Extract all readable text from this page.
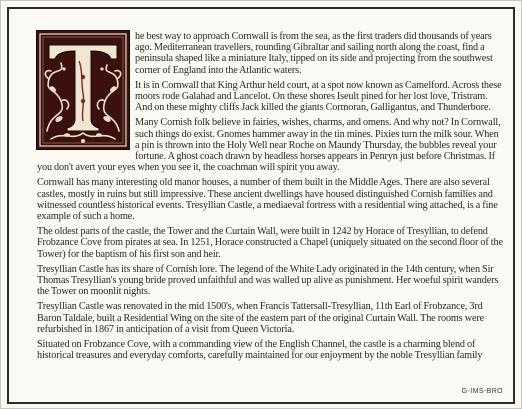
he best way to approach Cornwall is from the sea, as the first traders did thousands of years ago. Mediterranean travellers, rounding Gibraltar and sailing north along the coast, find a peninsula shaped like a miniature Italy, tipped on its side and projecting from the southwest corner of England into the Atlantic waters.

It is in Cornwall that King Arthur held court, at a spot now known as Camelford. Across these moors rode Galahad and Lancelot. On these shores Iseult pined for her lost love, Tristram. And on these mighty cliffs Jack killed the giants Cormoran, Galligantus, and Thunderbore.

Many Cornish folk believe in fairies, wishes, charms, and omens. And why not? In Cornwall, such things do exist. Gnomes hammer away in the tin mines. Pixies turn the milk sour. When a pin is thrown into the Holy Well near Roche on Maundy Thursday, the bubbles reveal your fortune. A ghost coach drawn by headless horses appears in Penryn just before Christmas. If you don't avert your eyes when you see it, the coachman will spirit you away.

Cornwall has many interesting old manor houses, a number of them built in the Middle Ages. There are also several castles, mostly in ruins but still impressive. These ancient dwellings have housed distinguished Cornish families and witnessed countless historical events. Tresyllian Castle, a mediaeval fortress with a residential wing attached, is a fine example of such a home.

The oldest parts of the castle, the Tower and the Curtain Wall, were built in 1242 by Horace of Tresyllian, to defend Frobzance Cove from pirates at sea. In 1251, Horace constructed a Chapel (uniquely situated on the second floor of the Tower) for the baptism of his first son and heir.

Tresyllian Castle has its share of Cornish lore. The legend of the White Lady originated in the 14th century, when Sir Thomas Tresyllian's young bride proved unfaithful and was walled up alive as punishment. Her woeful spirit wanders the Tower on moonlit nights.

Tresyllian Castle was renovated in the mid 1500's, when Francis Tattersall-Tresyllian, 11th Earl of Frobzance, 3rd Baron Taldale, built a Residential Wing on the site of the eastern part of the original Curtain Wall. The rooms were refurbished in 1867 in anticipation of a visit from Queen Victoria.

Situated on Frobzance Cove, with a commanding view of the English Channel, the castle is a charming blend of historical treasures and everyday comforts, carefully maintained for our enjoyment by the noble Tresyllian family

G-IMS-BRO
